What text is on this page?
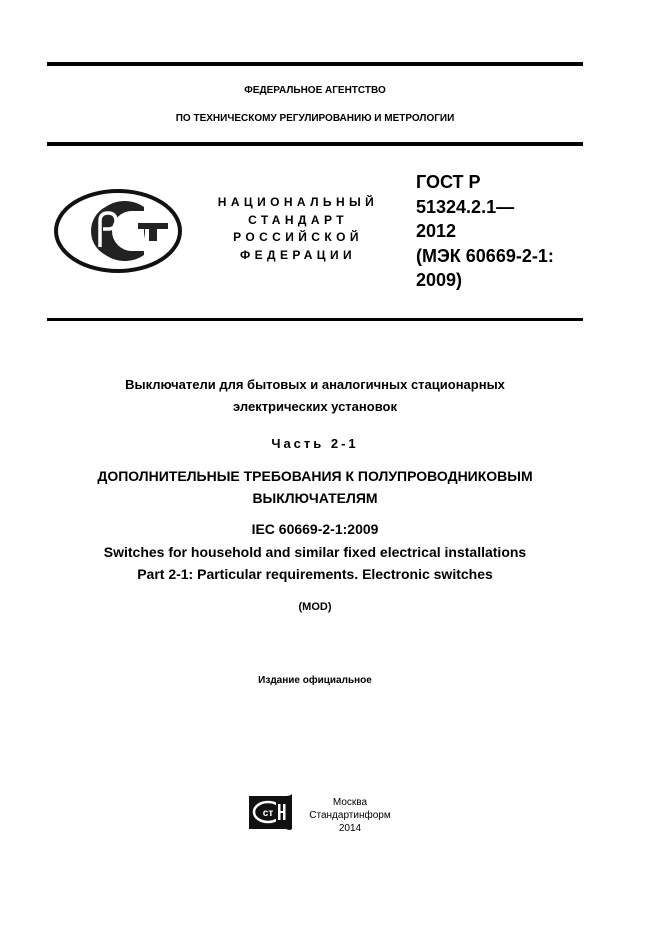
ФЕДЕРАЛЬНОЕ АГЕНТСТВО
ПО ТЕХНИЧЕСКОМУ РЕГУЛИРОВАНИЮ И МЕТРОЛОГИИ
НАЦИОНАЛЬНЫЙ
СТАНДАРТ
РОССИЙСКОЙ
ФЕДЕРАЦИИ
ГОСТ Р
51324.2.1—
2012
(МЭК 60669-2-1:
2009)
Выключатели для бытовых и аналогичных стационарных
электрических установок
Часть 2-1
ДОПОЛНИТЕЛЬНЫЕ ТРЕБОВАНИЯ К ПОЛУПРОВОДНИКОВЫМ
ВЫКЛЮЧАТЕЛЯМ
IEC 60669-2-1:2009
Switches for household and similar fixed electrical installations
Part 2-1: Particular requirements. Electronic switches
(MOD)
Издание официальное
ст
Москва
Стандартинформ
2014
